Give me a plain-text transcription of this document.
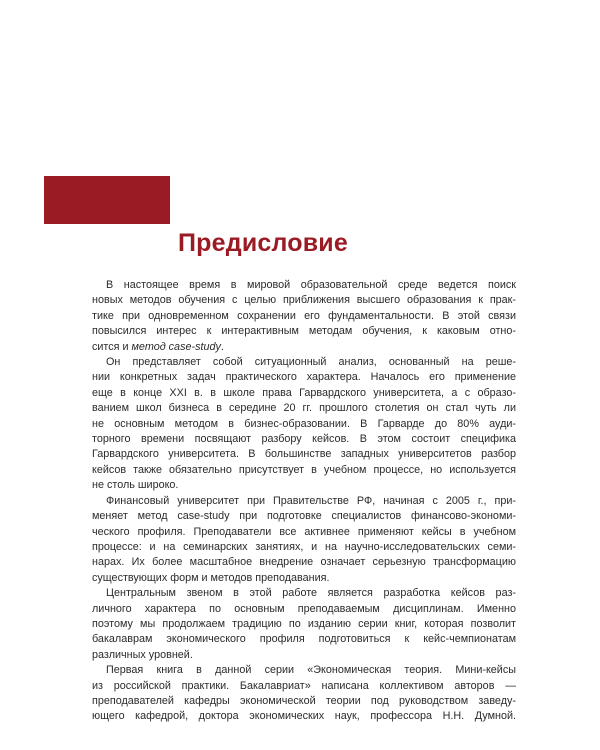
Предисловие
В настоящее время в мировой образовательной среде ведется поиск
новых методов обучения с целью приближения высшего образования к прак-
тике при одновременном сохранении его фундаментальности. В этой связи
повысился интерес к интерактивным методам обучения, к каковым отно-
сится и метод case-study.
Он представляет собой ситуационный анализ, основанный на реше-
нии конкретных задач практического характера. Началось его применение
еще в конце XXI в. в школе права Гарвардского университета, а с образо-
ванием школ бизнеса в середине 20 гг. прошлого столетия он стал чуть ли
не основным методом в бизнес-образовании. В Гарварде до 80% ауди-
торного времени посвящают разбору кейсов. В этом состоит специфика
Гарвардского университета. В большинстве западных университетов разбор
кейсов также обязательно присутствует в учебном процессе, но используется
не столь широко.
Финансовый университет при Правительстве РФ, начиная с 2005 г., при-
меняет метод case-study при подготовке специалистов финансово-экономи-
ческого профиля. Преподаватели все активнее применяют кейсы в учебном
процессе: и на семинарских занятиях, и на научно-исследовательских семи-
нарах. Их более масштабное внедрение означает серьезную трансформацию
существующих форм и методов преподавания.
Центральным звеном в этой работе является разработка кейсов раз-
личного характера по основным преподаваемым дисциплинам. Именно
поэтому мы продолжаем традицию по изданию серии книг, которая позволит
бакалаврам экономического профиля подготовиться к кейс-чемпионатам
различных уровней.
Первая книга в данной серии «Экономическая теория. Мини-кейсы
из российской практики. Бакалавриат» написана коллективом авторов —
преподавателей кафедры экономической теории под руководством заведу-
ющего кафедрой, доктора экономических наук, профессора Н.Н. Думной.
